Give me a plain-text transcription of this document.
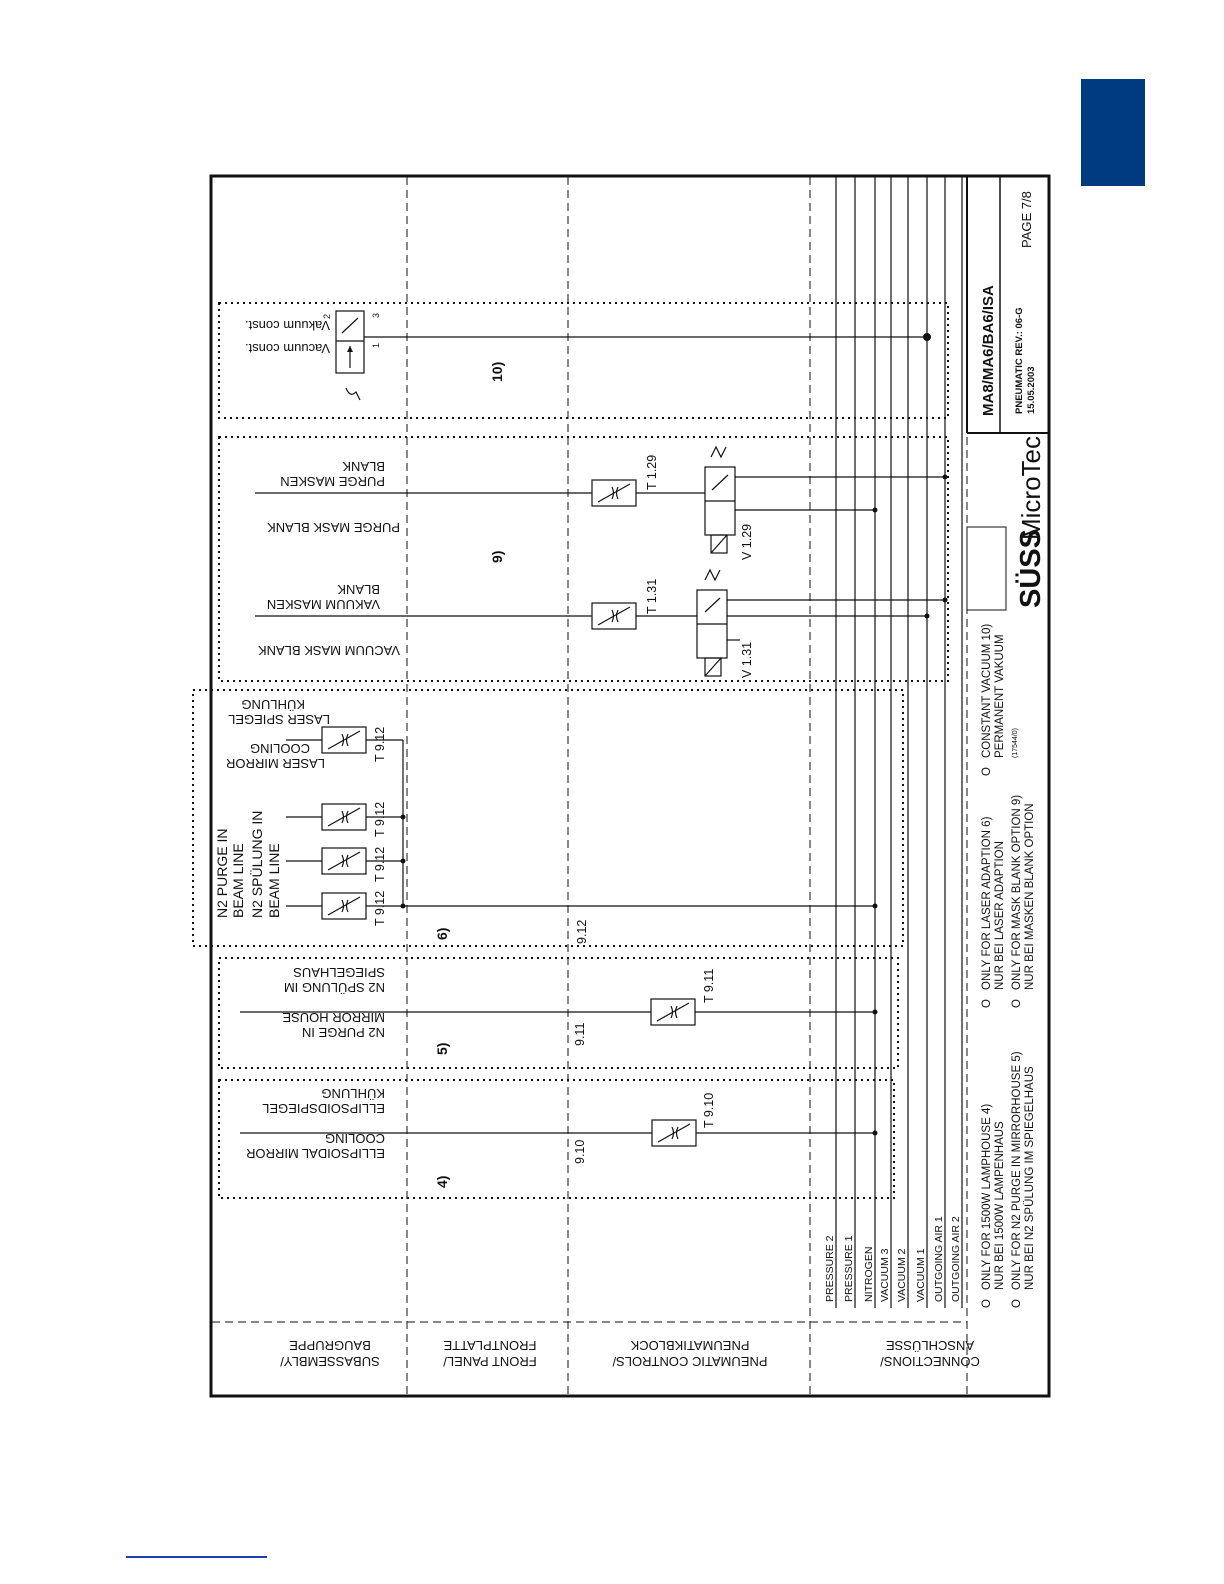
SUBASSEMBLY/
BAUGRUPPE
FRONT PANEL/
FRONTPLATTE
PNEUMATIC CONTROLS/
PNEUMATIKBLOCK
CONNECTIONS/
ANSCHLÜSSE
PRESSURE 2 PRESSURE 1 NITROGEN VACUUM 3 VACUUM 2 VACUUM 1 OUTGOING AIR 1 OUTGOING AIR 2
4)
9.10
T 9.10
ELLIPSOIDAL MIRROR
COOLING
ELLIPSOIDSPIEGEL
KÜHLUNG
5)
9.11
T 9.11
N2 PURGE IN
MIRROR HOUSE
N2 SPÜLUNG IM
SPIEGELHAUS
6)	9.12
T 9.12
T 9.12
T 9.12
T 9.12
N2 PURGE IN BEAM LINE N2 SPÜLUNG IN BEAM LINE
LASER MIRROR
COOLING
LASER SPIEGEL
KÜHLUNG
9)
T 1.31
V 1.31
T 1.29
V 1.29
VACUUM MASK BLANK
VAKUUM MASKEN
BLANK
PURGE MASK BLANK
PURGE MASKEN
BLANK
10)
Vacuum const.
Vakuum const.
1
2	3
O
ONLY FOR 1500W LAMPHOUSE 4) NUR BEI 1500W LAMPENHAUS
O
ONLY FOR N2 PURGE IN MIRRORHOUSE 5) NUR BEI N2 SPÜLUNG IM SPIEGELHAUS
O
ONLY FOR LASER ADAPTION 6) NUR BEI LASER ADAPTION
O
ONLY FOR MASK BLANK OPTION 9) NUR BEI MASKEN BLANK OPTION
O
CONSTANT VACUUM 10) PERMANENT VAKUUM (17544/0)
SÜSS
MicroTec
MA8/MA6/BA6/ISA
PAGE 7/8
PNEUMATIC REV.: 06-G 15.05.2003
